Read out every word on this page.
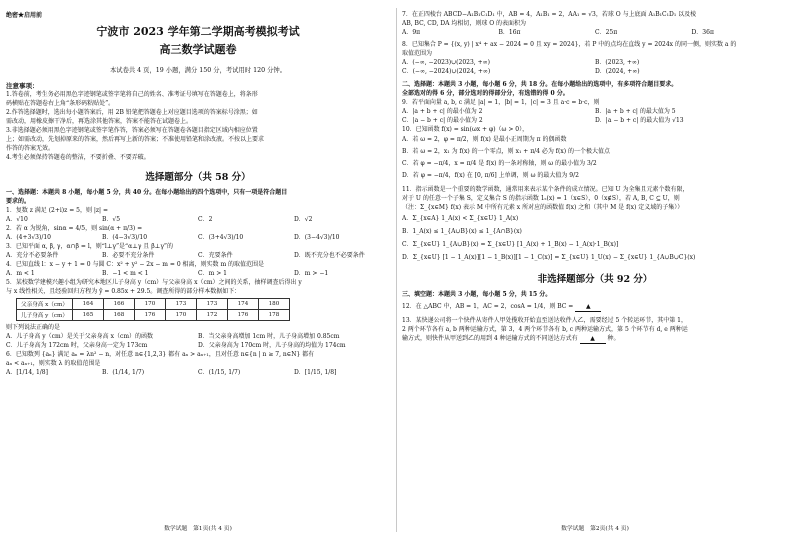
绝密★启用前
宁波市 2023 学年第二学期高考模拟考试
高三数学试题卷
本试卷共 4 页，19 小题，满分 150 分，考试用时 120 分钟。
注意事项：

1.答卷前，考生务必用黑色字迹钢笔或签字笔将自己的姓名、准考证号填写在答题卷上，将条形

码横贴在答题卷右上角“条形码粘贴处”。

2.作答选择题时，选出每小题答案后，用 2B 铅笔把答题卷上对应题目选项的答案标号涂黑；如

需改动，用橡皮擦干净后，再选涂其他答案，答案不能答在试题卷上。

3.非选择题必须用黑色字迹钢笔或签字笔作答，答案必须写在答题卷各题目指定区域内相应位置

上；如需改动，先划掉原来的答案，然后再写上新的答案；不准使用铅笔和涂改液。不按以上要求

作答的答案无效。

4.考生必须保持答题卷的整洁，不要折叠、不要弄破。

选择题部分（共 58 分）

一、选择题：本题共 8 小题，每小题 5 分，共 40 分。在每小题给出的四个选项中，只有一项是符合题目

要求的。

1．复数 z 满足 (2+i)z = 5，则 |z| =

A．√10	B．√5	C．2	D．√2

2．若 α 为锐角，sinα = 4/5，则 sin(α + π/3) =

A．(4+3√3)/10	B．(4−3√3)/10	C．(3+4√3)/10	D．(3−4√3)/10

3．已知平面 α, β, γ，α∩β = l，则“l⊥γ”是“α⊥γ 且 β⊥γ”的

A．充分不必要条件	B．必要不充分条件	C．充要条件	D．既不充分也不必要条件

4．已知直线 l：x − y + 1 = 0 与圆 C：x² + y² − 2x − m = 0 相离，则实数 m 的取值范围是

A．m < 1	B．−1 < m < 1	C．m > 1	D．m > −1

5．某校数学建模兴趣小组为研究本地区儿子身高 y（cm）与父亲身高 x（cm）之间的关系，抽样调查后得出 y

与 x 线性相关，且经验回归方程为 ŷ = 0.85x + 29.5。调查所得的部分样本数据如下：

父亲身高 x（cm）	164	166	170	173	173	174	180
儿子身高 y（cm）	165	168	176	170	172	176	178

则下列说法正确的是

A．儿子身高 y（cm）是关于父亲身高 x（cm）的函数	B．当父亲身高增加 1cm 时，儿子身高增加 0.85cm
C．儿子身高为 172cm 时，父亲身高一定为 173cm	D．父亲身高为 170cm 时，儿子身高的均值为 174cm

6．已知数列 {aₙ} 满足 aₙ = λn² − n，对任意 n∈{1,2,3} 都有 aₙ > aₙ₊₁，且对任意 n∈{n | n ≥ 7, n∈N} 都有

aₙ < aₙ₊₁，则实数 λ 的取值范围是

A．[1/14, 1/8]	B．(1/14, 1/7)	C．(1/15, 1/7)	D．[1/15, 1/8]
数学试题　第1页(共 4 页)

7．在正四棱台 ABCD−A₁B₁C₁D₁ 中，AB = 4，A₁B₁ = 2，AA₁ = √3，若球 O 与上底面 A₁B₁C₁D₁ 以及棱

AB, BC, CD, DA 均相切，则球 O 的表面积为

A．9π	B．16π	C．25π	D．36π

8．已知集合 P = {(x, y) | x⁴ + ax − 2024 = 0 且 xy = 2024}，若 P 中的点均在直线 y = 2024x 的同一侧，则实数 a 的

取值范围为

A．(−∞, −2023)∪(2023, +∞)	B．(2023, +∞)
C．(−∞, −2024)∪(2024, +∞)	D．(2024, +∞)

二、选择题：本题共 3 小题，每小题 6 分，共 18 分。在每小题给出的选项中，有多项符合题目要求。

全部选对的得 6 分，部分选对的得部分分，有选错的得 0 分。

9．若平面向量 a, b, c 满足 |a| = 1，|b| = 1，|c| = 3 且 a·c = b·c，则

A．|a + b + c| 的最小值为 2	B．|a + b + c| 的最大值为 5
C．|a − b + c| 的最小值为 2	D．|a − b + c| 的最大值为 √13

10．已知函数 f(x) = sin(ωx + φ)（ω > 0），

A．若 ω = 2，φ = π/2，则 f(x) 是最小正周期为 π 的偶函数

B．若 ω = 2，x₁ 为 f(x) 的一个零点，则 x₁ + π/4 必为 f(x) 的一个极大值点

C．若 φ = −π/4，x = π/4 是 f(x) 的一条对称轴，则 ω 的最小值为 3/2

D．若 φ = −π/4，f(x) 在 [0, π/6] 上单调，则 ω 的最大值为 9/2

11．指示函数是一个重要的数学函数，通常用来表示某个条件的成立情况。已知 U 为全集且元素个数有限，

对于 U 的任意一个子集 S，定义集合 S 的指示函数 1ₛ(x) = 1（x∈S），0（x∉S），若 A, B, C ⊆ U，则

（注：Σ_{x∈M} f(x) 表示 M 中所有元素 x 所对应的函数值 f(x) 之和（其中 M 是 f(x) 定义域的子集））

A．Σ_{x∈A} 1_A(x) < Σ_{x∈U} 1_A(x)

B．1_A(x) ≤ 1_{A∪B}(x) ≤ 1_{A∩B}(x)

C．Σ_{x∈U} 1_{A∪B}(x) = Σ_{x∈U} [1_A(x) + 1_B(x) − 1_A(x)·1_B(x)]

D．Σ_{x∈U} [1 − 1_A(x)][1 − 1_B(x)][1 − 1_C(x)] = Σ_{x∈U} 1_U(x) − Σ_{x∈U} 1_{A∪B∪C}(x)

非选择题部分（共 92 分）

三、填空题：本题共 3 小题，每小题 5 分，共 15 分。

12．在 △ABC 中，AB = 1，AC = 2，cosA = 1/4，则 BC = ▲

13．某快递公司将一个快件从寄件人甲处揽收开始直至送达收件人乙，需要经过 5 个转运环节，其中第 1，

2 两个环节各有 a, b 两种运输方式，第 3，4 两个环节各有 b, c 两种运输方式，第 5 个环节有 d, e 两种运

输方式，则快件从甲送到乙的用到 4 种运输方式的不同送达方式有 ▲ 种。

数学试题　第2页(共 4 页)
